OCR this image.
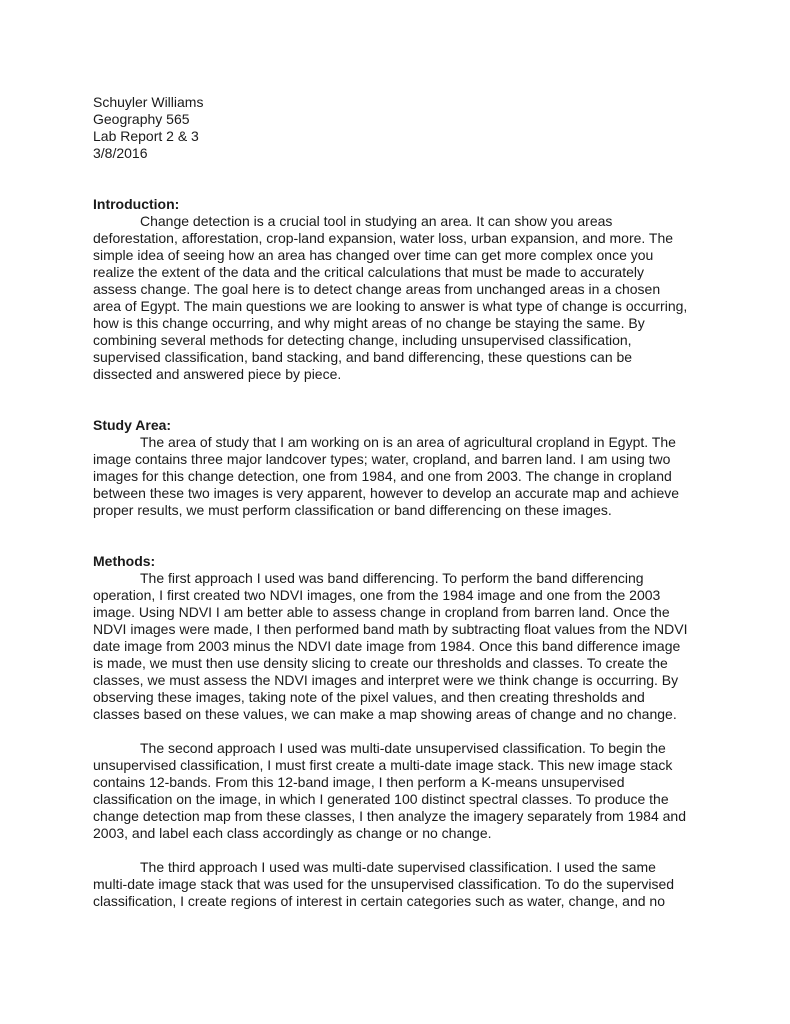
Schuyler Williams
Geography 565
Lab Report 2 & 3
3/8/2016
Introduction:
Change detection is a crucial tool in studying an area. It can show you areas
deforestation, afforestation, crop-land expansion, water loss, urban expansion, and more. The
simple idea of seeing how an area has changed over time can get more complex once you
realize the extent of the data and the critical calculations that must be made to accurately
assess change. The goal here is to detect change areas from unchanged areas in a chosen
area of Egypt. The main questions we are looking to answer is what type of change is occurring,
how is this change occurring, and why might areas of no change be staying the same. By
combining several methods for detecting change, including unsupervised classification,
supervised classification, band stacking, and band differencing, these questions can be
dissected and answered piece by piece.
Study Area:
The area of study that I am working on is an area of agricultural cropland in Egypt. The
image contains three major landcover types; water, cropland, and barren land. I am using two
images for this change detection, one from 1984, and one from 2003. The change in cropland
between these two images is very apparent, however to develop an accurate map and achieve
proper results, we must perform classification or band differencing on these images.
Methods:
The first approach I used was band differencing. To perform the band differencing
operation, I first created two NDVI images, one from the 1984 image and one from the 2003
image. Using NDVI I am better able to assess change in cropland from barren land. Once the
NDVI images were made, I then performed band math by subtracting float values from the NDVI
date image from 2003 minus the NDVI date image from 1984. Once this band difference image
is made, we must then use density slicing to create our thresholds and classes. To create the
classes, we must assess the NDVI images and interpret were we think change is occurring. By
observing these images, taking note of the pixel values, and then creating thresholds and
classes based on these values, we can make a map showing areas of change and no change.
The second approach I used was multi-date unsupervised classification. To begin the
unsupervised classification, I must first create a multi-date image stack. This new image stack
contains 12-bands. From this 12-band image, I then perform a K-means unsupervised
classification on the image, in which I generated 100 distinct spectral classes. To produce the
change detection map from these classes, I then analyze the imagery separately from 1984 and
2003, and label each class accordingly as change or no change.
The third approach I used was multi-date supervised classification. I used the same
multi-date image stack that was used for the unsupervised classification. To do the supervised
classification, I create regions of interest in certain categories such as water, change, and no
